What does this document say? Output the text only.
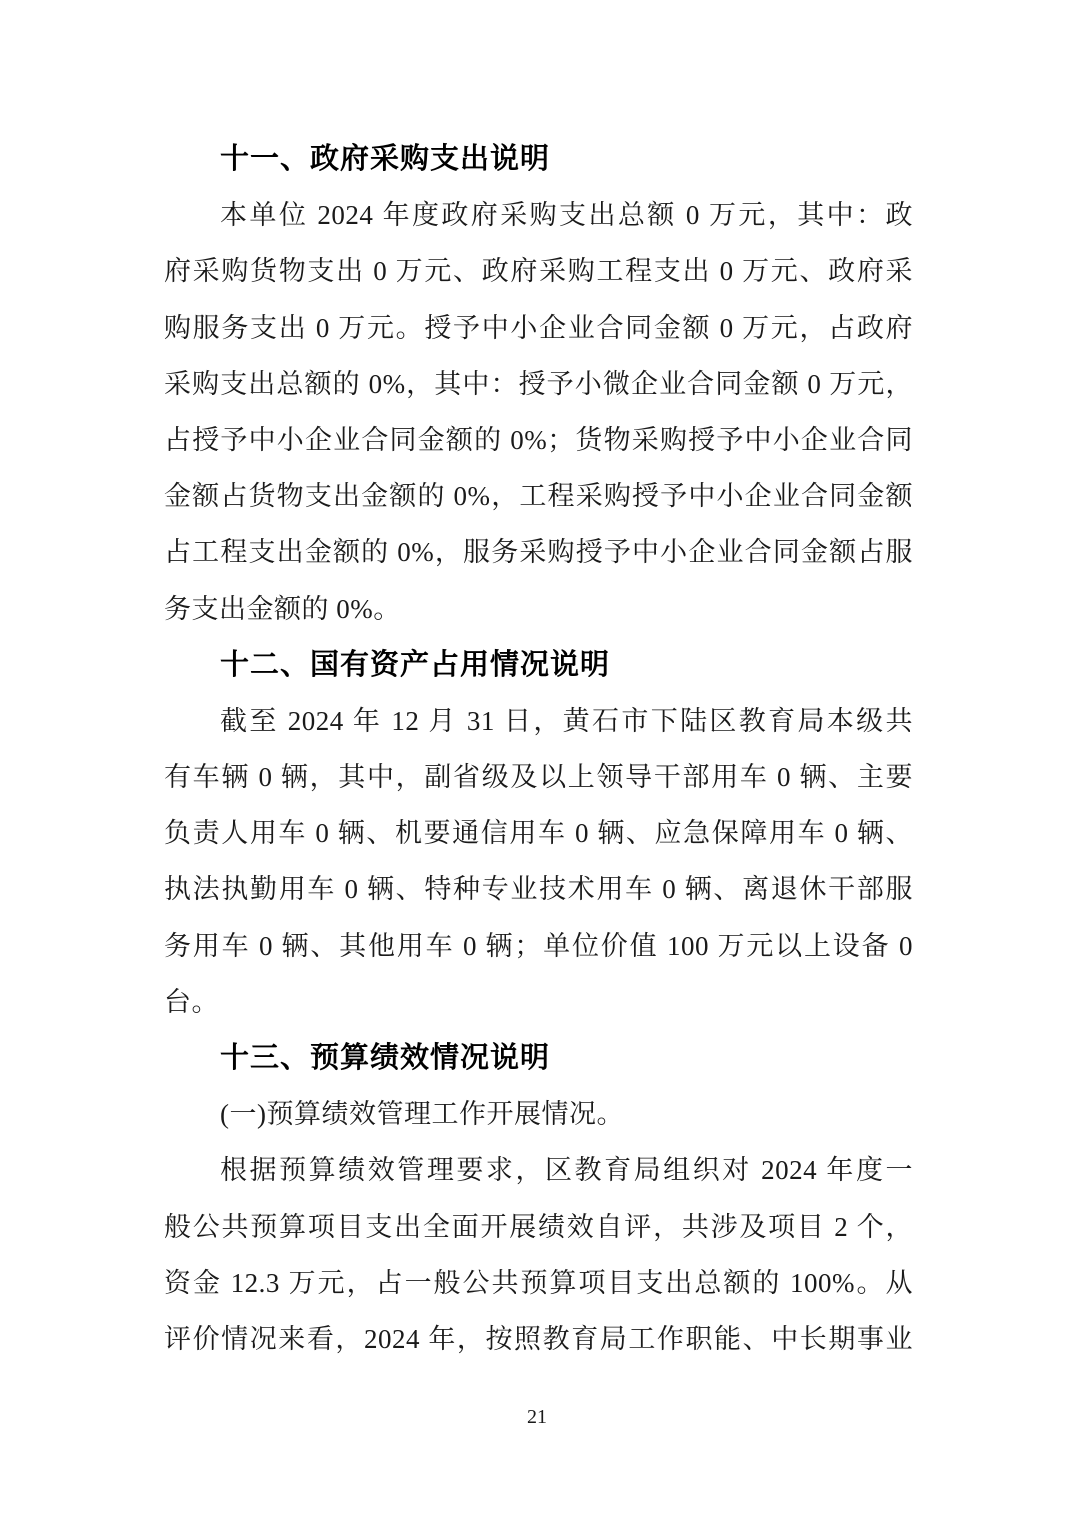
十一、政府采购支出说明
本单位 2024 年度政府采购支出总额 0 万元，其中：政
府采购货物支出 0 万元、政府采购工程支出 0 万元、政府采
购服务支出 0 万元。授予中小企业合同金额 0 万元，占政府
采购支出总额的 0%，其中：授予小微企业合同金额 0 万元，
占授予中小企业合同金额的 0%；货物采购授予中小企业合同
金额占货物支出金额的 0%，工程采购授予中小企业合同金额
占工程支出金额的 0%，服务采购授予中小企业合同金额占服
务支出金额的 0%。
十二、国有资产占用情况说明
截至 2024 年 12 月 31 日，黄石市下陆区教育局本级共
有车辆 0 辆，其中，副省级及以上领导干部用车 0 辆、主要
负责人用车 0 辆、机要通信用车 0 辆、应急保障用车 0 辆、
执法执勤用车 0 辆、特种专业技术用车 0 辆、离退休干部服
务用车 0 辆、其他用车 0 辆；单位价值 100 万元以上设备 0
台。
十三、预算绩效情况说明
(一)预算绩效管理工作开展情况。
根据预算绩效管理要求，区教育局组织对 2024 年度一
般公共预算项目支出全面开展绩效自评，共涉及项目 2 个，
资金 12.3 万元，占一般公共预算项目支出总额的 100%。从
评价情况来看，2024 年，按照教育局工作职能、中长期事业
21
